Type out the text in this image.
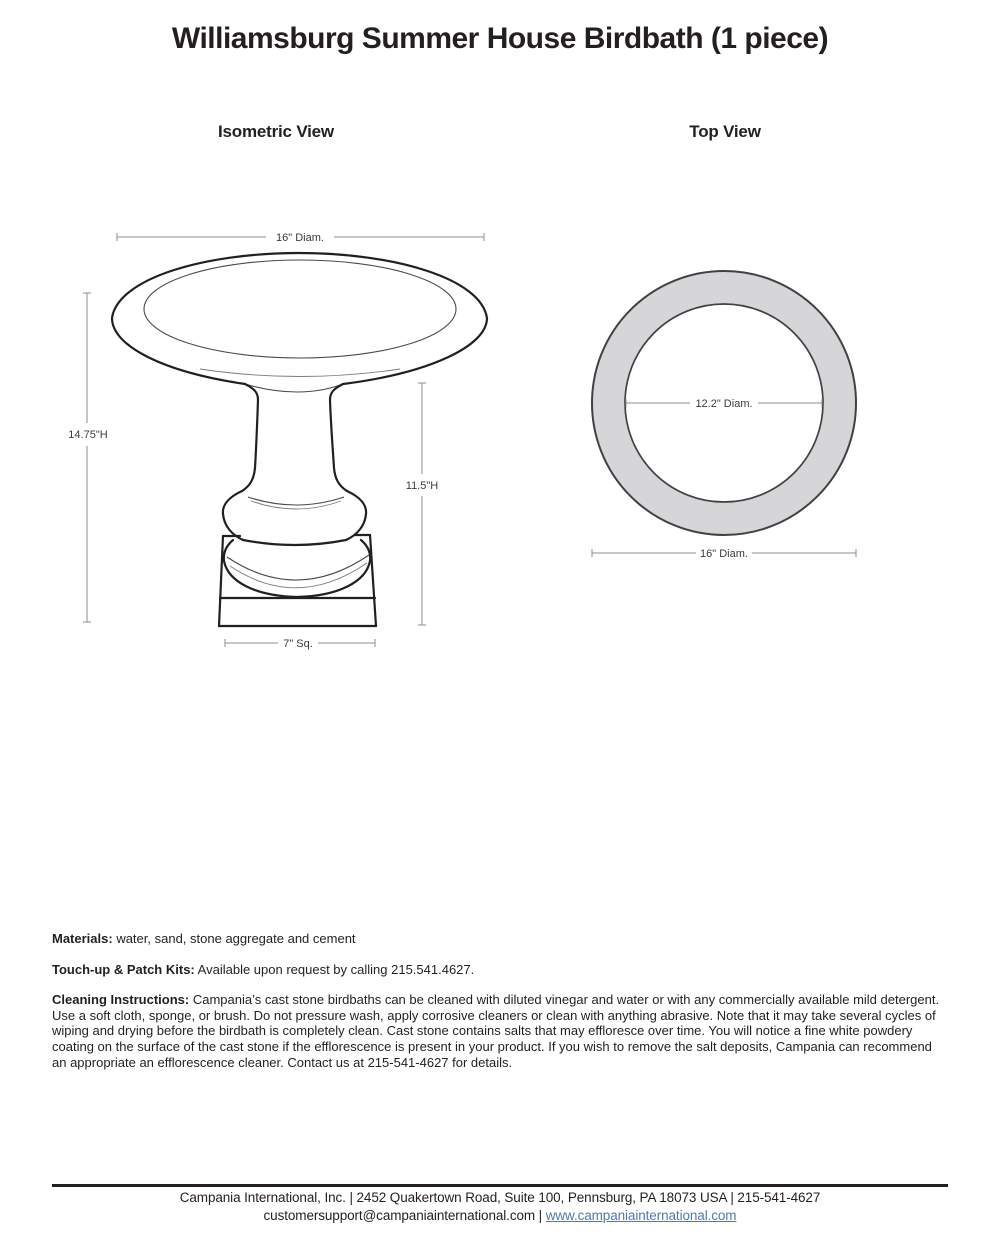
Williamsburg Summer House Birdbath (1 piece)
Isometric View	Top View
16" Diam.
14.75"H
11.5"H
7" Sq.
12.2" Diam.
16" Diam.

Materials: water, sand, stone aggregate and cement

Touch-up & Patch Kits: Available upon request by calling 215.541.4627.

Cleaning Instructions: Campania’s cast stone birdbaths can be cleaned with diluted vinegar and water or with any commercially available mild detergent. Use a soft cloth, sponge, or brush. Do not pressure wash, apply corrosive cleaners or clean with anything abrasive. Note that it may take several cycles of wiping and drying before the birdbath is completely clean. Cast stone contains salts that may effloresce over time. You will notice a fine white powdery coating on the surface of the cast stone if the efflorescence is present in your product. If you wish to remove the salt deposits, Campania can recommend an appropriate an efflorescence cleaner. Contact us at 215-541-4627 for details.

Campania International, Inc. | 2452 Quakertown Road, Suite 100, Pennsburg, PA 18073 USA | 215-541-4627
customersupport@campaniainternational.com | www.campaniainternational.com
